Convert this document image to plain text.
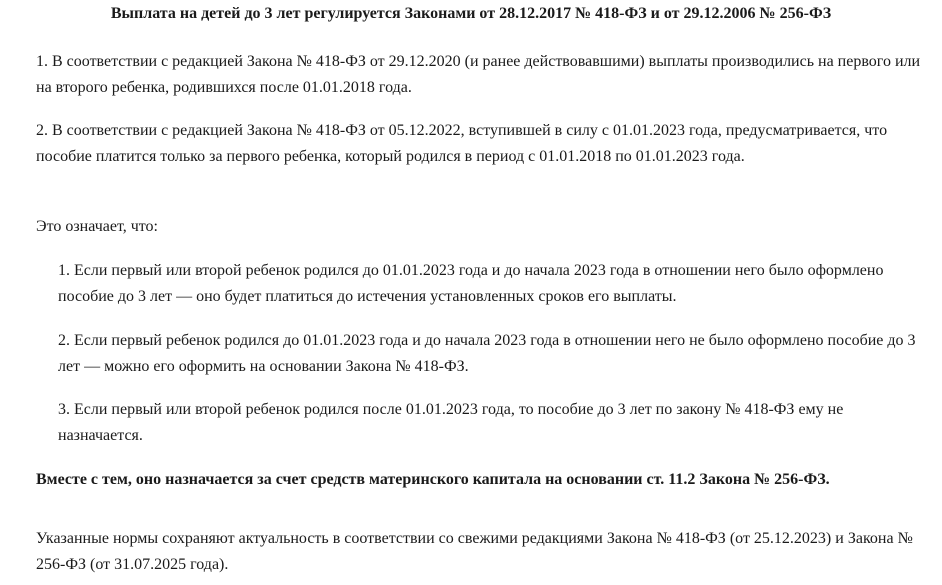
Выплата на детей до 3 лет регулируется Законами от 28.12.2017 № 418-ФЗ и от 29.12.2006 № 256-ФЗ

1. В соответствии с редакцией Закона № 418-ФЗ от 29.12.2020 (и ранее действовавшими) выплаты производились на первого или на второго ребенка, родившихся после 01.01.2018 года.

2. В соответствии с редакцией Закона № 418-ФЗ от 05.12.2022, вступившей в силу с 01.01.2023 года, предусматривается, что пособие платится только за первого ребенка, который родился в период с 01.01.2018 по 01.01.2023 года.

Это означает, что:

1. Если первый или второй ребенок родился до 01.01.2023 года и до начала 2023 года в отношении него было оформлено пособие до 3 лет — оно будет платиться до истечения установленных сроков его выплаты.

2. Если первый ребенок родился до 01.01.2023 года и до начала 2023 года в отношении него не было оформлено пособие до 3 лет — можно его оформить на основании Закона № 418-ФЗ.

3. Если первый или второй ребенок родился после 01.01.2023 года, то пособие до 3 лет по закону № 418-ФЗ ему не назначается.

Вместе с тем, оно назначается за счет средств материнского капитала на основании ст. 11.2 Закона № 256-ФЗ.

Указанные нормы сохраняют актуальность в соответствии со свежими редакциями Закона № 418-ФЗ (от 25.12.2023) и Закона № 256-ФЗ (от 31.07.2025 года).
